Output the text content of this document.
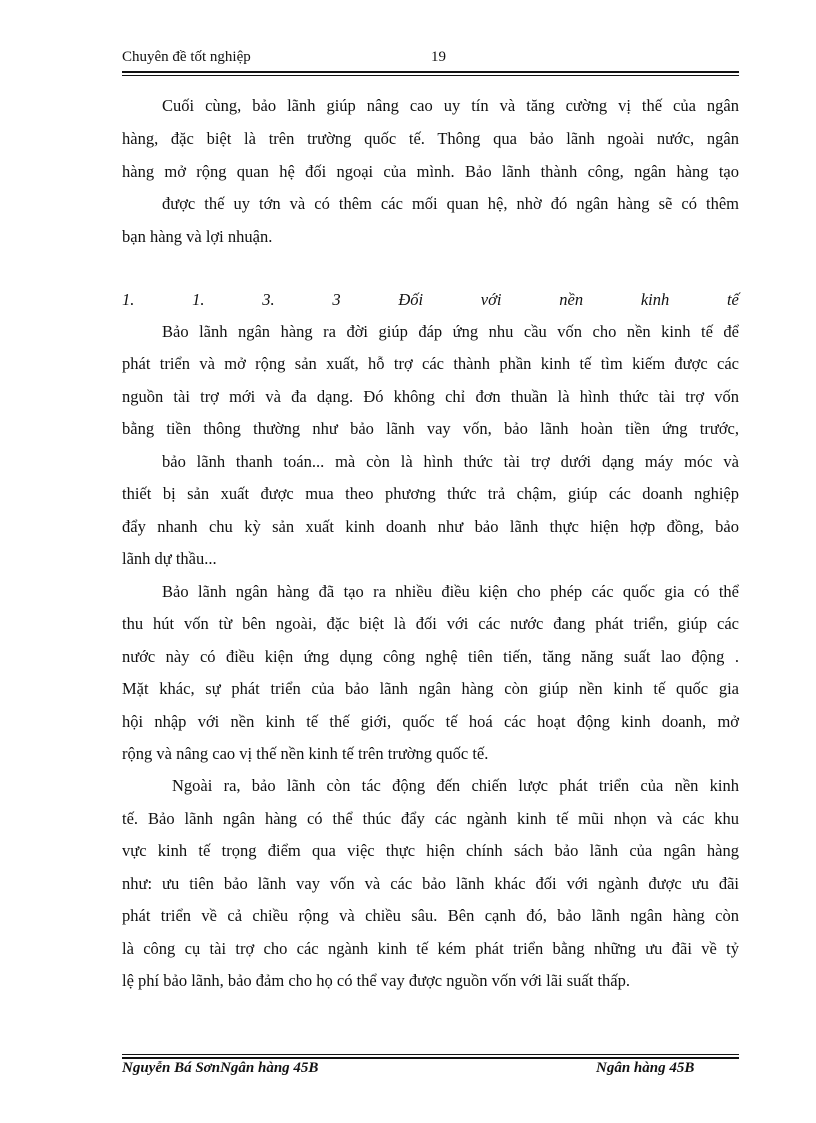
Chuyên đề tốt nghiệp	19
Cuối cùng, bảo lãnh giúp nâng cao uy tín và tăng cường vị thế của ngân
hàng, đặc biệt là trên trường quốc tế. Thông qua bảo lãnh ngoài nước, ngân
hàng mở rộng quan hệ đối ngoại của mình. Bảo lãnh thành công, ngân hàng tạo
được thế uy tớn và có thêm các mối quan hệ, nhờ đó ngân hàng sẽ có thêm
bạn hàng và lợi nhuận.
1.	1.	3.	3	Đối	với	nền	kinh	tế
Bảo lãnh ngân hàng ra đời giúp đáp ứng nhu cầu vốn cho nền kinh tế để
phát triển và mở rộng sản xuất, hỗ trợ các thành phần kinh tế tìm kiếm được các
nguồn tài trợ mới và đa dạng. Đó không chỉ đơn thuần là hình thức tài trợ vốn
bằng tiền thông thường như bảo lãnh vay vốn, bảo lãnh hoàn tiền ứng trước,
bảo lãnh thanh toán... mà còn là hình thức tài trợ dưới dạng máy móc và
thiết bị sản xuất được mua theo phương thức trả chậm, giúp các doanh nghiệp
đẩy nhanh chu kỳ sản xuất kinh doanh như bảo lãnh thực hiện hợp đồng, bảo
lãnh dự thầu...
Bảo lãnh ngân hàng đã tạo ra nhiều điều kiện cho phép các quốc gia có thể
thu hút vốn từ bên ngoài, đặc biệt là đối với các nước đang phát triển, giúp các
nước này có điều kiện ứng dụng công nghệ tiên tiến, tăng năng suất lao động .
Mặt khác, sự phát triển của bảo lãnh ngân hàng còn giúp nền kinh tế quốc gia
hội nhập với nền kinh tế thế giới, quốc tế hoá các hoạt động kinh doanh, mở
rộng và nâng cao vị thế nền kinh tế trên trường quốc tế.
Ngoài ra, bảo lãnh còn tác động đến chiến lược phát triển của nền kinh
tế. Bảo lãnh ngân hàng có thể thúc đẩy các ngành kinh tế mũi nhọn và các khu
vực kinh tế trọng điểm qua việc thực hiện chính sách bảo lãnh của ngân hàng
như: ưu tiên bảo lãnh vay vốn và các bảo lãnh khác đối với ngành được ưu đãi
phát triển về cả chiều rộng và chiều sâu. Bên cạnh đó, bảo lãnh ngân hàng còn
là công cụ tài trợ cho các ngành kinh tế kém phát triển bằng những ưu đãi về tỷ
lệ phí bảo lãnh, bảo đảm cho họ có thể vay được nguồn vốn với lãi suất thấp.
Nguyễn Bá SơnNgân hàng 45B	Ngân hàng 45B
